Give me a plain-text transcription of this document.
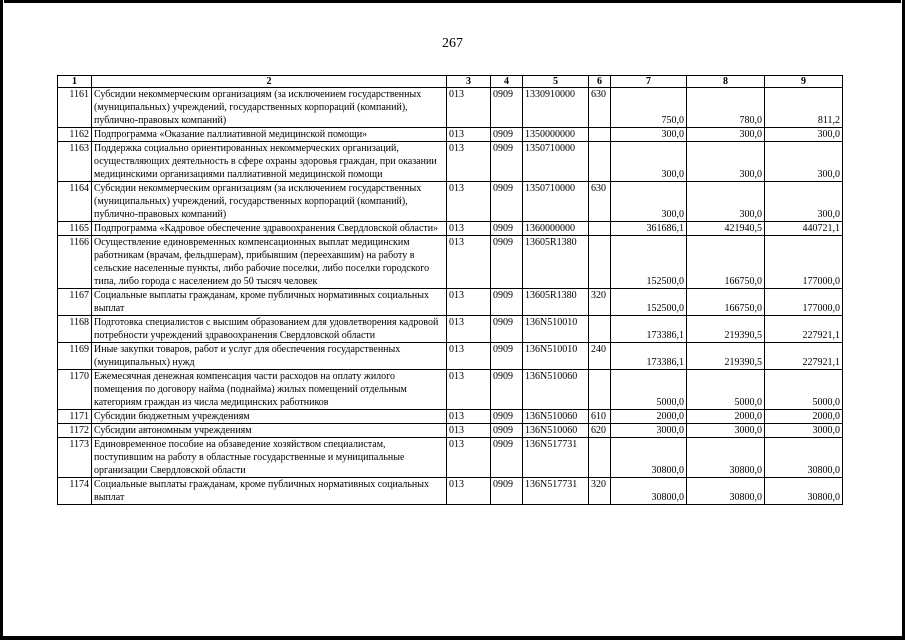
267
1	2	3	4	5	6	7	8	9
1161	Субсидии некоммерческим организациям (за исключением государственных (муниципальных) учреждений, государственных корпораций (компаний), публично-правовых компаний)	013	0909	1330910000	630	750,0	780,0	811,2
1162	Подпрограмма «Оказание паллиативной медицинской помощи»	013	0909	1350000000		300,0	300,0	300,0
1163	Поддержка социально ориентированных некоммерческих организаций, осуществляющих деятельность в сфере охраны здоровья граждан, при оказании медицинскими организациями паллиативной медицинской помощи	013	0909	1350710000		300,0	300,0	300,0
1164	Субсидии некоммерческим организациям (за исключением государственных (муниципальных) учреждений, государственных корпораций (компаний), публично-правовых компаний)	013	0909	1350710000	630	300,0	300,0	300,0
1165	Подпрограмма «Кадровое обеспечение здравоохранения Свердловской области»	013	0909	1360000000		361686,1	421940,5	440721,1
1166	Осуществление единовременных компенсационных выплат медицинским работникам (врачам, фельдшерам), прибывшим (переехавшим) на работу в сельские населенные пункты, либо рабочие поселки, либо поселки городского типа, либо города с населением до 50 тысяч человек	013	0909	13605R1380		152500,0	166750,0	177000,0
1167	Социальные выплаты гражданам, кроме публичных нормативных социальных выплат	013	0909	13605R1380	320	152500,0	166750,0	177000,0
1168	Подготовка специалистов с высшим образованием для удовлетворения кадровой потребности учреждений здравоохранения Свердловской области	013	0909	136N510010		173386,1	219390,5	227921,1
1169	Иные закупки товаров, работ и услуг для обеспечения государственных (муниципальных) нужд	013	0909	136N510010	240	173386,1	219390,5	227921,1
1170	Ежемесячная денежная компенсация части расходов на оплату жилого помещения по договору найма (поднайма) жилых помещений отдельным категориям граждан из числа медицинских работников	013	0909	136N510060		5000,0	5000,0	5000,0
1171	Субсидии бюджетным учреждениям	013	0909	136N510060	610	2000,0	2000,0	2000,0
1172	Субсидии автономным учреждениям	013	0909	136N510060	620	3000,0	3000,0	3000,0
1173	Единовременное пособие на обзаведение хозяйством специалистам, поступившим на работу в областные государственные и муниципальные организации Свердловской области	013	0909	136N517731		30800,0	30800,0	30800,0
1174	Социальные выплаты гражданам, кроме публичных нормативных социальных выплат	013	0909	136N517731	320	30800,0	30800,0	30800,0
